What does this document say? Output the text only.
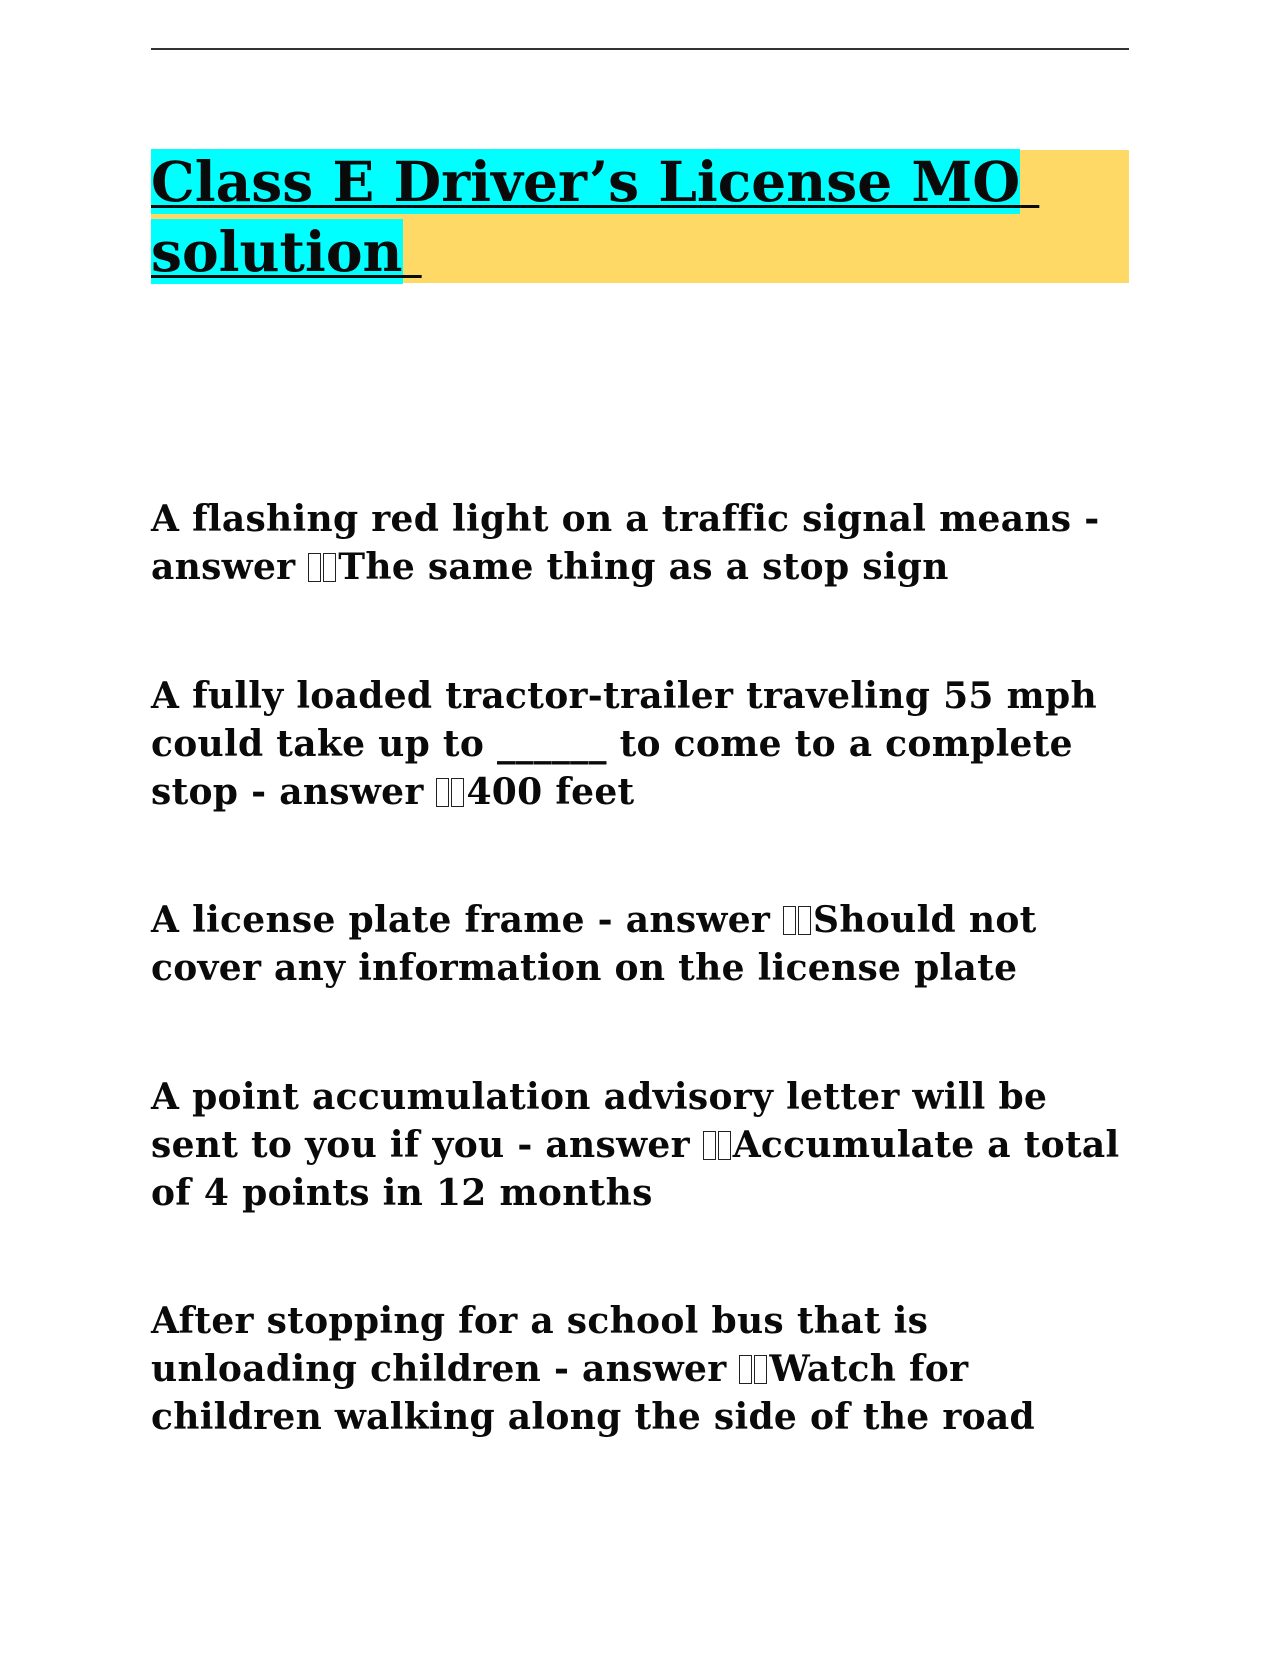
Class E Driver’s License MO
solution

A flashing red light on a traffic signal means - answer The same thing as a stop sign

A fully loaded tractor-trailer traveling 55 mph could take up to ______ to come to a complete stop - answer 400 feet

A license plate frame - answer Should not cover any information on the license plate

A point accumulation advisory letter will be sent to you if you - answer Accumulate a total of 4 points in 12 months

After stopping for a school bus that is unloading children - answer Watch for children walking along the side of the road
